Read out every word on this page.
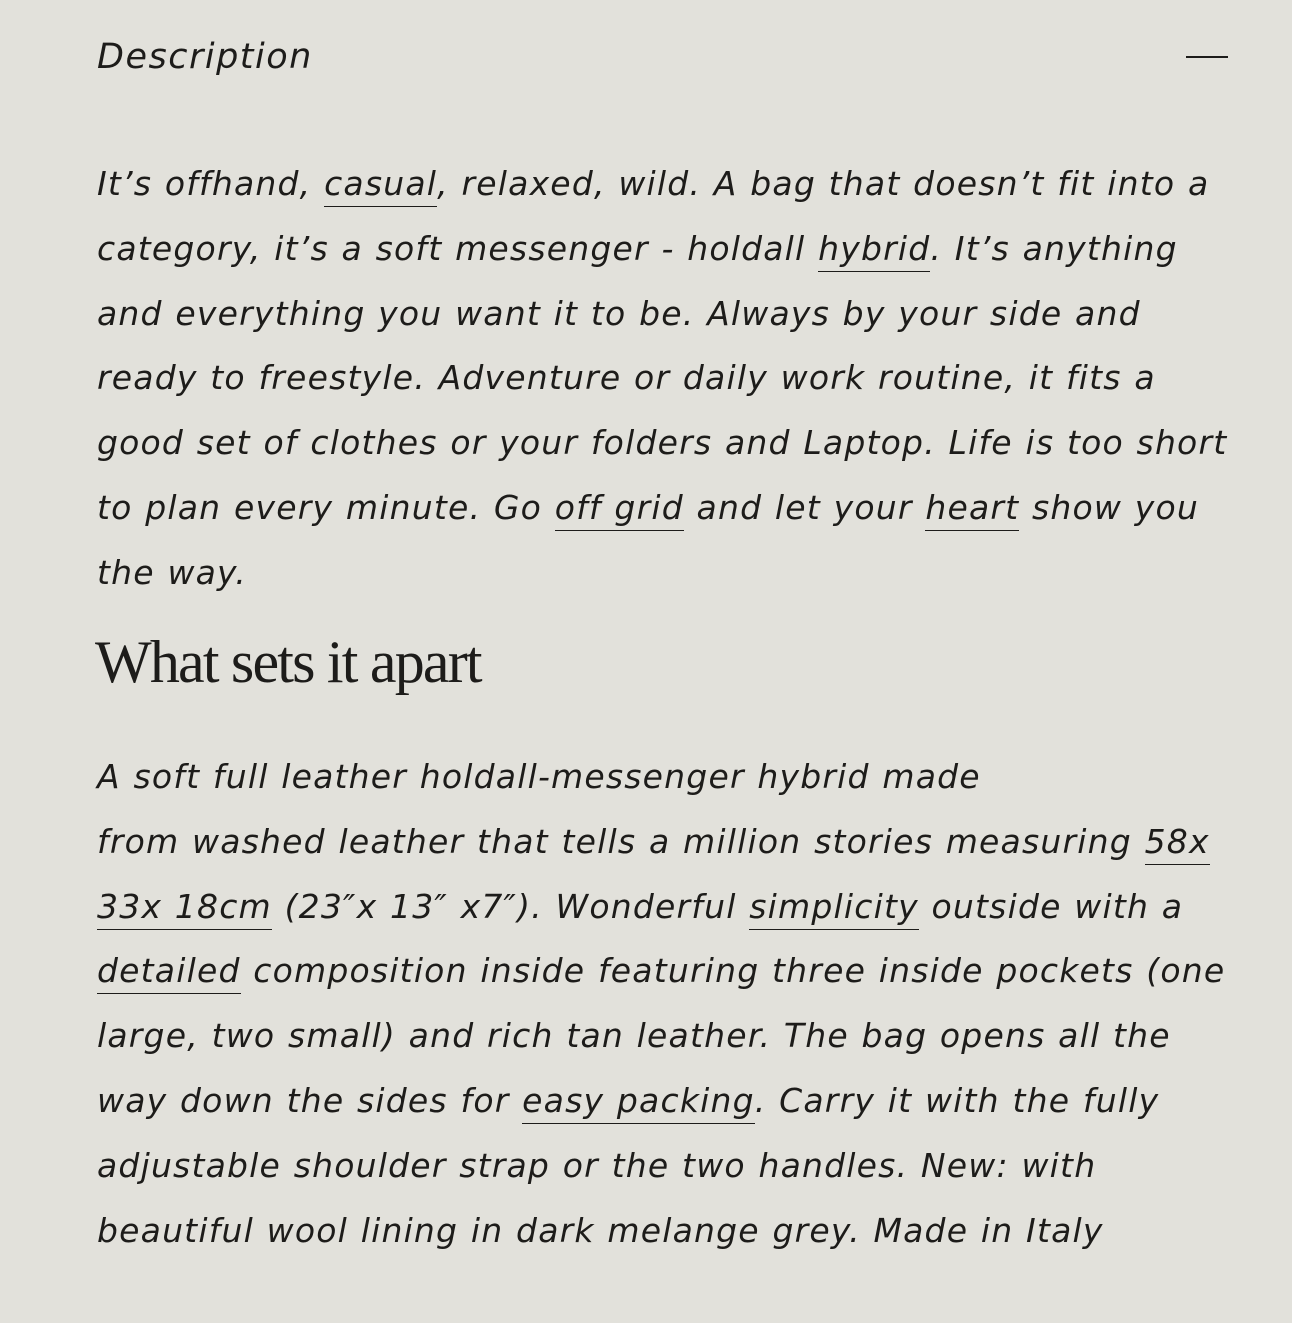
Description

It’s offhand, casual, relaxed, wild. A bag that doesn’t fit into a
category, it’s a soft messenger - holdall hybrid. It’s anything
and everything you want it to be. Always by your side and
ready to freestyle. Adventure or daily work routine, it fits a
good set of clothes or your folders and Laptop. Life is too short
to plan every minute. Go off grid and let your heart show you
the way.

What sets it apart

A soft full leather holdall-messenger hybrid made
from washed leather that tells a million stories measuring 58x
33x 18cm (23″x 13″ x7″). Wonderful simplicity outside with a
detailed composition inside featuring three inside pockets (one
large, two small) and rich tan leather. The bag opens all the
way down the sides for easy packing. Carry it with the fully
adjustable shoulder strap or the two handles. New: with
beautiful wool lining in dark melange grey. Made in Italy
